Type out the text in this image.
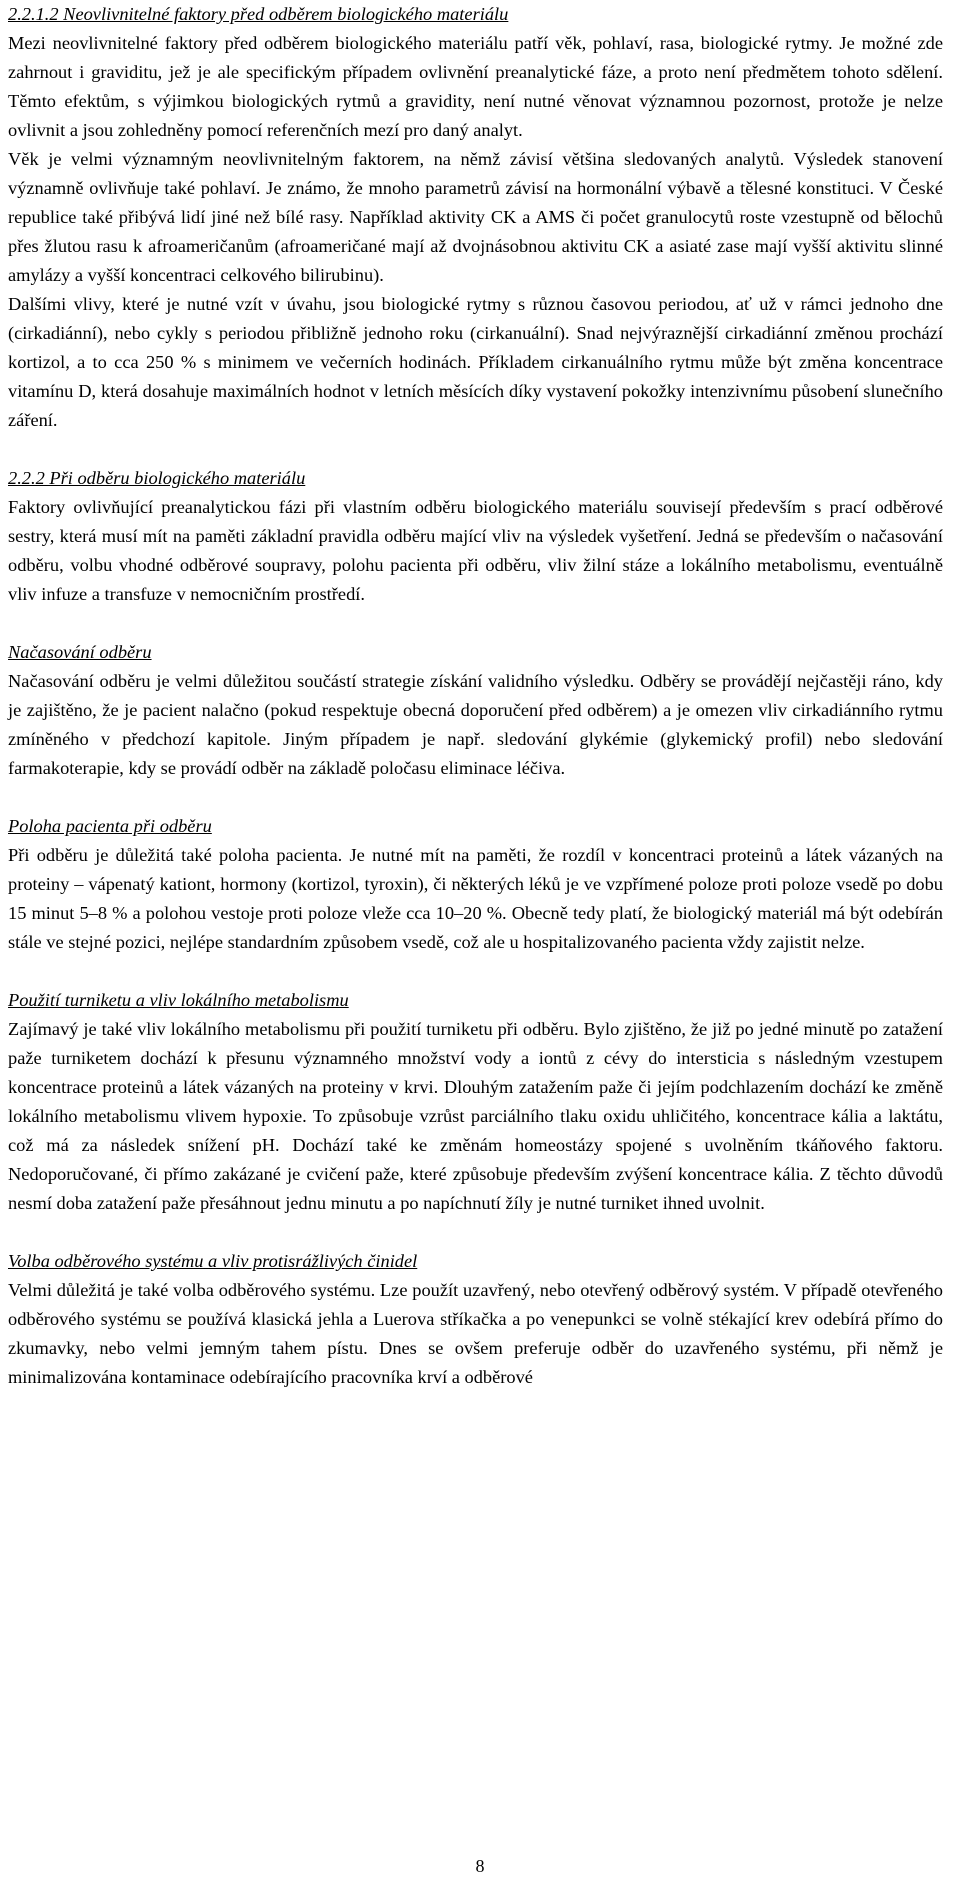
2.2.1.2 Neovlivnitelné faktory před odběrem biologického materiálu

Mezi neovlivnitelné faktory před odběrem biologického materiálu patří věk, pohlaví, rasa, biologické rytmy. Je možné zde zahrnout i graviditu, jež je ale specifickým případem ovlivnění preanalytické fáze, a proto není předmětem tohoto sdělení. Těmto efektům, s výjimkou biologických rytmů a gravidity, není nutné věnovat významnou pozornost, protože je nelze ovlivnit a jsou zohledněny pomocí referenčních mezí pro daný analyt.

Věk je velmi významným neovlivnitelným faktorem, na němž závisí většina sledovaných analytů. Výsledek stanovení významně ovlivňuje také pohlaví. Je známo, že mnoho parametrů závisí na hormonální výbavě a tělesné konstituci. V České republice také přibývá lidí jiné než bílé rasy. Například aktivity CK a AMS či počet granulocytů roste vzestupně od bělochů přes žlutou rasu k afroameričanům (afroameričané mají až dvojnásobnou aktivitu CK a asiaté zase mají vyšší aktivitu slinné amylázy a vyšší koncentraci celkového bilirubinu).

Dalšími vlivy, které je nutné vzít v úvahu, jsou biologické rytmy s různou časovou periodou, ať už v rámci jednoho dne (cirkadiánní), nebo cykly s periodou přibližně jednoho roku (cirkanuální). Snad nejvýraznější cirkadiánní změnou prochází kortizol, a to cca 250 % s minimem ve večerních hodinách. Příkladem cirkanuálního rytmu může být změna koncentrace vitamínu D, která dosahuje maximálních hodnot v letních měsících díky vystavení pokožky intenzivnímu působení slunečního záření.

2.2.2 Při odběru biologického materiálu

Faktory ovlivňující preanalytickou fázi při vlastním odběru biologického materiálu souvisejí především s prací odběrové sestry, která musí mít na paměti základní pravidla odběru mající vliv na výsledek vyšetření. Jedná se především o načasování odběru, volbu vhodné odběrové soupravy, polohu pacienta při odběru, vliv žilní stáze a lokálního metabolismu, eventuálně vliv infuze a transfuze v nemocničním prostředí.

Načasování odběru

Načasování odběru je velmi důležitou součástí strategie získání validního výsledku. Odběry se provádějí nejčastěji ráno, kdy je zajištěno, že je pacient nalačno (pokud respektuje obecná doporučení před odběrem) a je omezen vliv cirkadiánního rytmu zmíněného v předchozí kapitole. Jiným případem je např. sledování glykémie (glykemický profil) nebo sledování farmakoterapie, kdy se provádí odběr na základě poločasu eliminace léčiva.

Poloha pacienta při odběru

Při odběru je důležitá také poloha pacienta. Je nutné mít na paměti, že rozdíl v koncentraci proteinů a látek vázaných na proteiny – vápenatý kationt, hormony (kortizol, tyroxin), či některých léků je ve vzpřímené poloze proti poloze vsedě po dobu 15 minut 5–8 % a polohou vestoje proti poloze vleže cca 10–20 %. Obecně tedy platí, že biologický materiál má být odebírán stále ve stejné pozici, nejlépe standardním způsobem vsedě, což ale u hospitalizovaného pacienta vždy zajistit nelze.

Použití turniketu a vliv lokálního metabolismu

Zajímavý je také vliv lokálního metabolismu při použití turniketu při odběru. Bylo zjištěno, že již po jedné minutě po zatažení paže turniketem dochází k přesunu významného množství vody a iontů z cévy do intersticia s následným vzestupem koncentrace proteinů a látek vázaných na proteiny v krvi. Dlouhým zatažením paže či jejím podchlazením dochází ke změně lokálního metabolismu vlivem hypoxie. To způsobuje vzrůst parciálního tlaku oxidu uhličitého, koncentrace kália a laktátu, což má za následek snížení pH. Dochází také ke změnám homeostázy spojené s uvolněním tkáňového faktoru. Nedoporučované, či přímo zakázané je cvičení paže, které způsobuje především zvýšení koncentrace kália. Z těchto důvodů nesmí doba zatažení paže přesáhnout jednu minutu a po napíchnutí žíly je nutné turniket ihned uvolnit.

Volba odběrového systému a vliv protisrážlivých činidel

Velmi důležitá je také volba odběrového systému. Lze použít uzavřený, nebo otevřený odběrový systém. V případě otevřeného odběrového systému se používá klasická jehla a Luerova stříkačka a po venepunkci se volně stékající krev odebírá přímo do zkumavky, nebo velmi jemným tahem pístu. Dnes se ovšem preferuje odběr do uzavřeného systému, při němž je minimalizována kontaminace odebírajícího pracovníka krví a odběrové

8
